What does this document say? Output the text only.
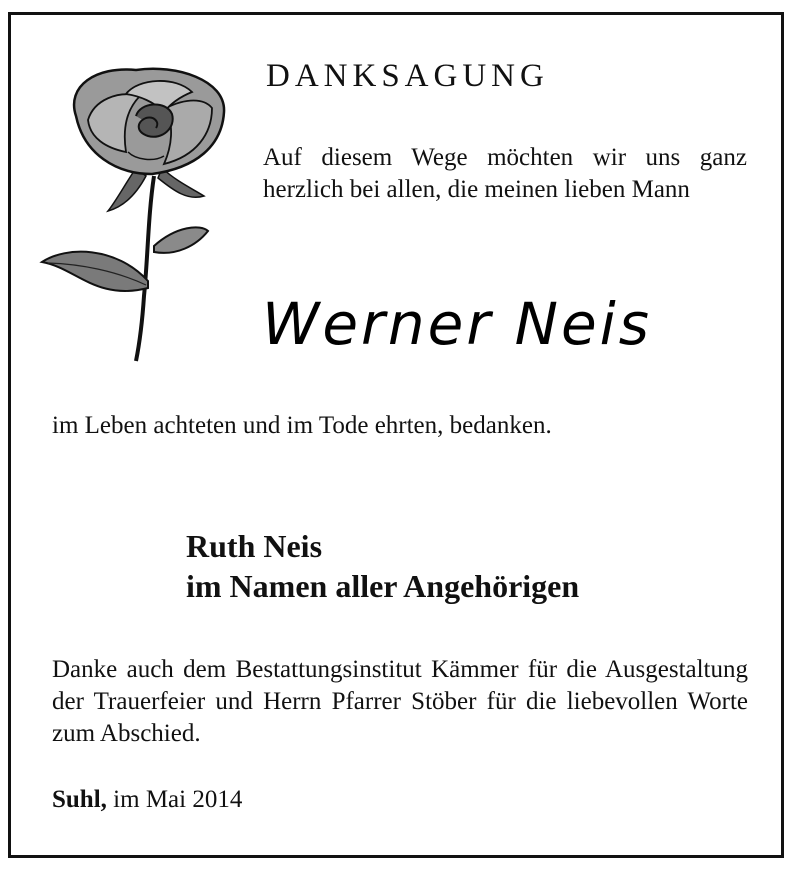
DANKSAGUNG
Auf diesem Wege möchten wir uns ganz herzlich bei allen, die meinen lieben Mann
Werner Neis
im Leben achteten und im Tode ehrten, bedanken.
Ruth Neis
im Namen aller Angehörigen
Danke auch dem Bestattungsinstitut Kämmer für die Ausgestaltung der Trauerfeier und Herrn Pfarrer Stöber für die liebevollen Worte zum Abschied.
Suhl, im Mai 2014
